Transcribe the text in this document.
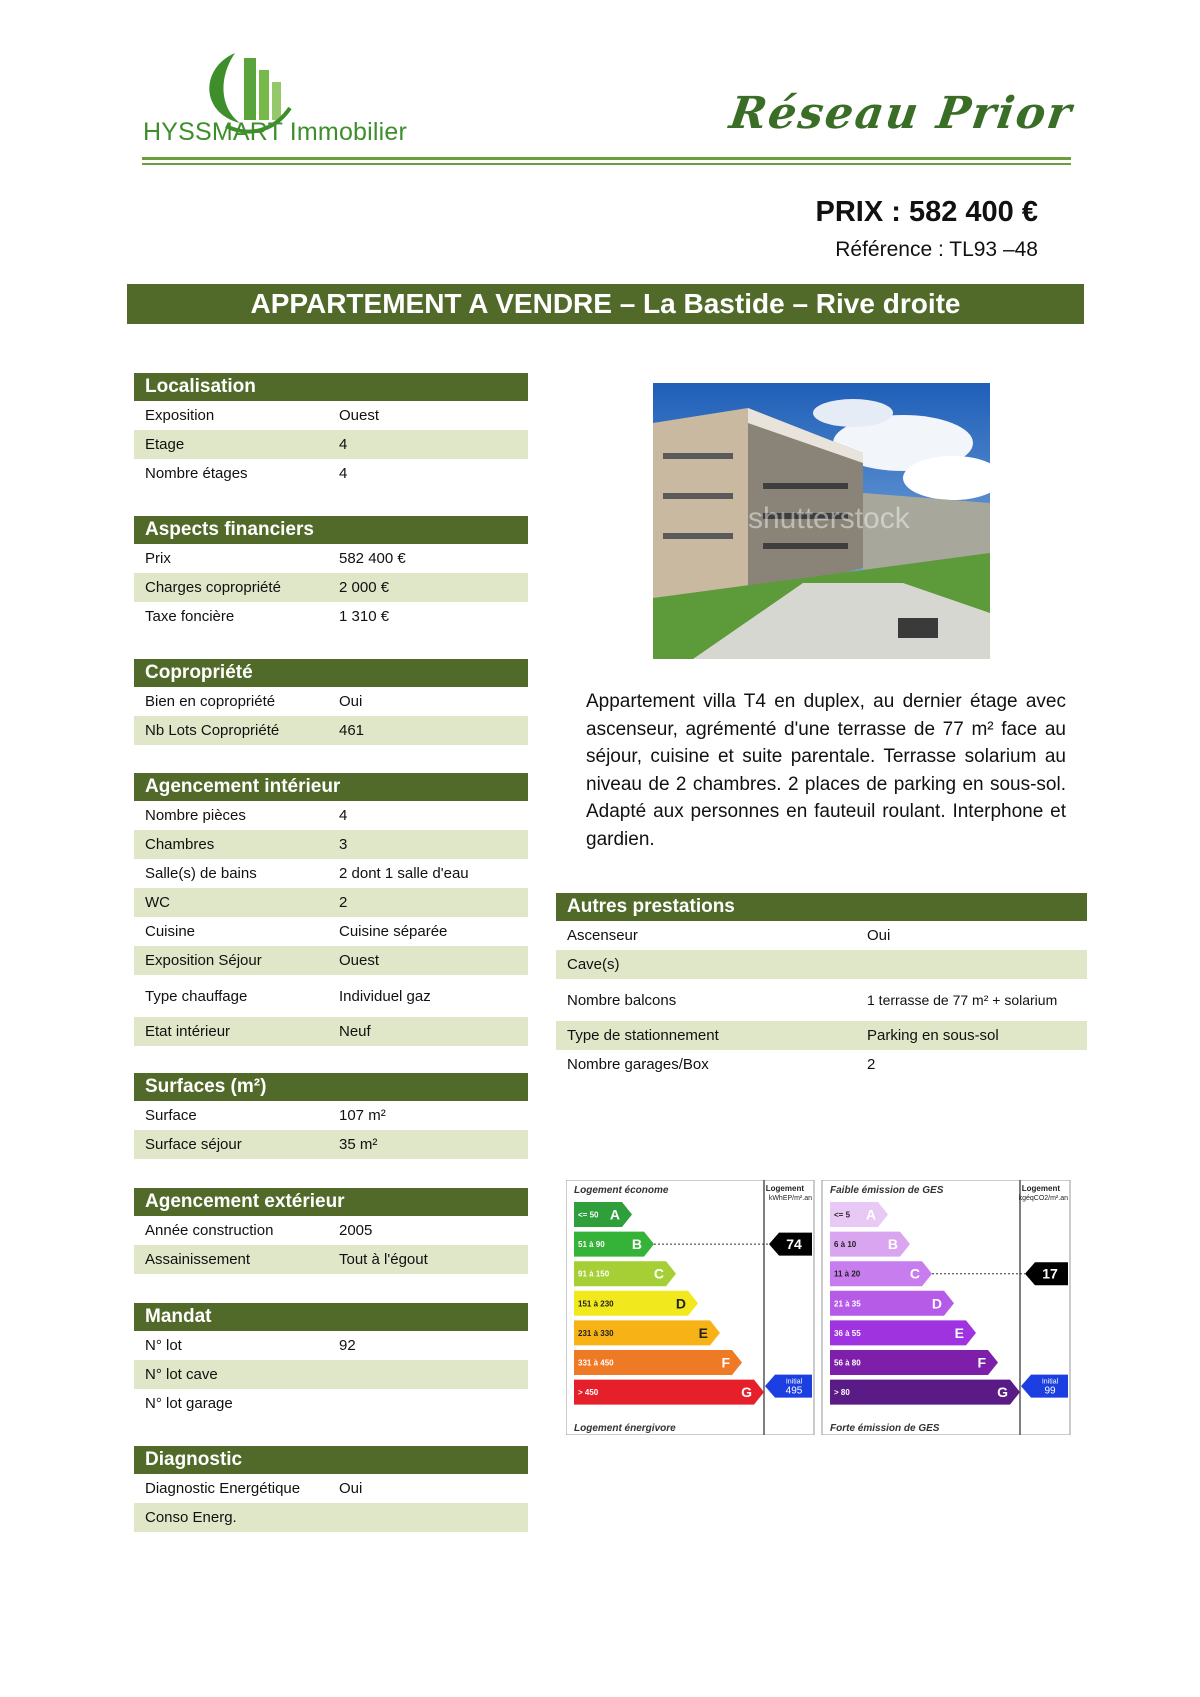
HYSSMART Immobilier	Réseau Prior
PRIX : 582 400 €
Référence : TL93 –48
APPARTEMENT A VENDRE – La Bastide – Rive droite
Localisation
Exposition	Ouest
Etage	4
Nombre étages	4
Aspects financiers
Prix	582 400 €
Charges copropriété	2 000 €
Taxe foncière	1 310 €
Copropriété
Bien en copropriété	Oui
Nb Lots Copropriété	461
Agencement intérieur
Nombre pièces	4
Chambres	3
Salle(s) de bains	2 dont 1 salle d'eau
WC	2
Cuisine	Cuisine séparée
Exposition Séjour	Ouest
Type chauffage	Individuel gaz
Etat intérieur	Neuf
Surfaces (m²)
Surface	107 m²
Surface séjour	35 m²
Agencement extérieur
Année construction	2005
Assainissement	Tout à l'égout
Mandat
N° lot	92
N° lot cave
N° lot garage
Diagnostic
Diagnostic Energétique	Oui
Conso Energ.
shutterstock
Appartement villa T4 en duplex, au dernier étage avec ascenseur, agrémenté d'une terrasse de 77 m² face au séjour, cuisine et suite parentale. Terrasse solarium au niveau de 2 chambres. 2 places de parking en sous-sol. Adapté aux personnes en fauteuil roulant. Interphone et gardien.
Autres prestations
Ascenseur	Oui
Cave(s)
Nombre balcons	1 terrasse de 77 m² + solarium
Type de stationnement	Parking en sous-sol
Nombre garages/Box	2
Logement économe	Logement
kWhEP/m².an
Logement énergivore
<= 50 A
51 à 90 B
91 à 150	C
151 à 230	D
231 à 330	E
331 à 450	F
> 450	G
74
Initial
495
Faible émission de GES	Logement
kgéqCO2/m².an
Forte émission de GES
<= 5 A
6 à 10 B
11 à 20	C
21 à 35	D
36 à 55	E
56 à 80	F
> 80	G
17
Initial
99
